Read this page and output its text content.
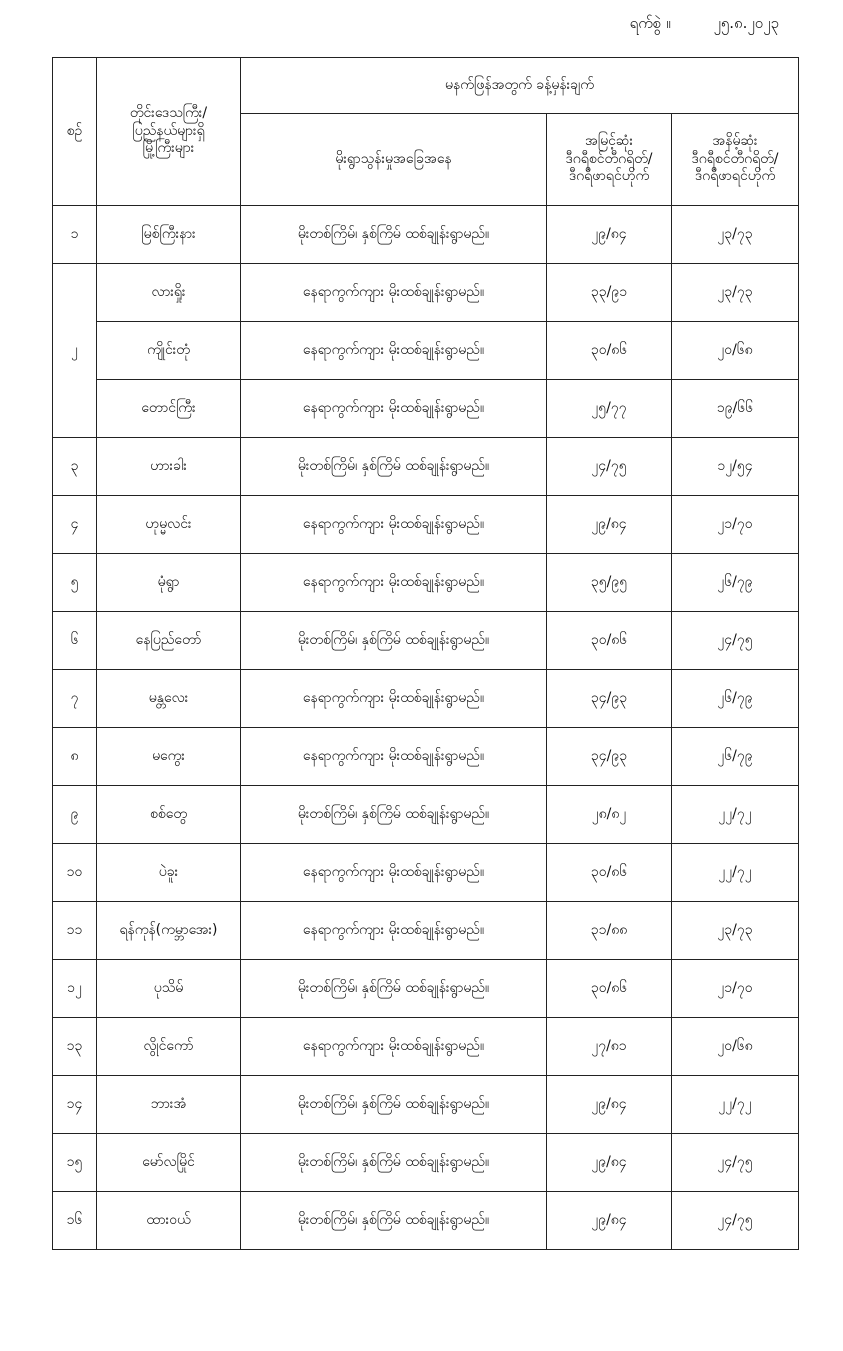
ရက်စွဲ ။	၂၅.၈.၂၀၂၃
စဉ်	တိုင်းဒေသကြီး/
ပြည်နယ်များရှိ
မြို့ကြီးများ	မနက်ဖြန်အတွက် ခန့်မှန်းချက်		
		မိုးရွာသွန်းမှုအခြေအနေ	အမြင့်ဆုံး
ဒီဂရီစင်တီဂရိတ်/
ဒီဂရီဖာရင်ဟိုက်	အနိမ့်ဆုံး
ဒီဂရီစင်တီဂရိတ်/
ဒီဂရီဖာရင်ဟိုက်

၁	မြစ်ကြီးနား	မိုးတစ်ကြိမ်၊ နှစ်ကြိမ် ထစ်ချုန်းရွာမည်။	၂၉/၈၄	၂၃/၇၃
၂	လားရှိုး	နေရာကွက်ကျား မိုးထစ်ချုန်းရွာမည်။	၃၃/၉၁	၂၃/၇၃
	ကျိုင်းတုံ	နေရာကွက်ကျား မိုးထစ်ချုန်းရွာမည်။	၃၀/၈၆	၂၀/၆၈
	တောင်ကြီး	နေရာကွက်ကျား မိုးထစ်ချုန်းရွာမည်။	၂၅/၇၇	၁၉/၆၆
၃	ဟားခါး	မိုးတစ်ကြိမ်၊ နှစ်ကြိမ် ထစ်ချုန်းရွာမည်။	၂၄/၇၅	၁၂/၅၄
၄	ဟုမ္မလင်း	နေရာကွက်ကျား မိုးထစ်ချုန်းရွာမည်။	၂၉/၈၄	၂၁/၇၀
၅	မုံရွာ	နေရာကွက်ကျား မိုးထစ်ချုန်းရွာမည်။	၃၅/၉၅	၂၆/၇၉
၆	နေပြည်တော်	မိုးတစ်ကြိမ်၊ နှစ်ကြိမ် ထစ်ချုန်းရွာမည်။	၃၀/၈၆	၂၄/၇၅
၇	မန္တလေး	နေရာကွက်ကျား မိုးထစ်ချုန်းရွာမည်။	၃၄/၉၃	၂၆/၇၉
၈	မကွေး	နေရာကွက်ကျား မိုးထစ်ချုန်းရွာမည်။	၃၄/၉၃	၂၆/၇၉
၉	စစ်တွေ	မိုးတစ်ကြိမ်၊ နှစ်ကြိမ် ထစ်ချုန်းရွာမည်။	၂၈/၈၂	၂၂/၇၂
၁၀	ပဲခူး	နေရာကွက်ကျား မိုးထစ်ချုန်းရွာမည်။	၃၀/၈၆	၂၂/၇၂
၁၁	ရန်ကုန်(ကမ္ဘာအေး)	နေရာကွက်ကျား မိုးထစ်ချုန်းရွာမည်။	၃၁/၈၈	၂၃/၇၃
၁၂	ပုသိမ်	မိုးတစ်ကြိမ်၊ နှစ်ကြိမ် ထစ်ချုန်းရွာမည်။	၃၀/၈၆	၂၁/၇၀
၁၃	လွိုင်ကော်	နေရာကွက်ကျား မိုးထစ်ချုန်းရွာမည်။	၂၇/၈၁	၂၀/၆၈
၁၄	ဘားအံ	မိုးတစ်ကြိမ်၊ နှစ်ကြိမ် ထစ်ချုန်းရွာမည်။	၂၉/၈၄	၂၂/၇၂
၁၅	မော်လမြိုင်	မိုးတစ်ကြိမ်၊ နှစ်ကြိမ် ထစ်ချုန်းရွာမည်။	၂၉/၈၄	၂၄/၇၅
၁၆	ထားဝယ်	မိုးတစ်ကြိမ်၊ နှစ်ကြိမ် ထစ်ချုန်းရွာမည်။	၂၉/၈၄	၂၄/၇၅
